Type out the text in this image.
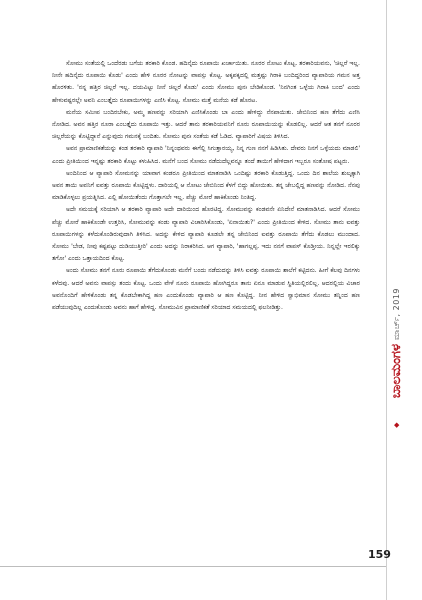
ಸೋಮು ಸಂತೆಯಲ್ಲಿ ಒಂದೆರಡು ಬಗೆಯ ತರಕಾರಿ ಕೊಂಡ. ಹದಿನೈದು ರೂಪಾಯಿ ಖರ್ಚಾಯಿತು. ನೂರರ ನೋಟು ಕೊಟ್ಟ. ತರಕಾರಿಯವನು, 'ಚಿಲ್ಲರೆ ಇಲ್ಲ. ನೀನೇ ಹದಿನೈದು ರೂಪಾಯಿ ಕೊಡು' ಎಂದು ಹೇಳಿ ನೂರರ ನೋಟನ್ನು ವಾಪಸ್ಸು ಕೊಟ್ಟ. ಅಕ್ಕಪಕ್ಕದಲ್ಲಿ ಮತ್ತಷ್ಟು ಗಿರಾಕಿ ಬಂದಿದ್ದರಿಂದ ವ್ಯಾಪಾರಿಯ ಗಮನ ಅತ್ತ ಹೊರಳಿತು. 'ನನ್ನ ಹತ್ತಿರ ಚಿಲ್ಲರೆ ಇಲ್ಲ. ದಯವಿಟ್ಟು ನೀನೆ ಚಿಲ್ಲರೆ ಕೊಡು' ಎಂದು ಸೋಮು ಪುನಃ ಬೇಡಿಕೊಂಡ. 'ನಿನಗಿಂತ ಒಳ್ಳೆಯ ಗಿರಾಕಿ ಬಂದ' ಎಂದು ಹೇಳುವಷ್ಟರಲ್ಲೇ ಅವನಿ ಎಂಬತ್ತೈದು ರೂಪಾಯಿಗಳನ್ನು ಎಣಿಸಿ ಕೊಟ್ಟ. ಸೋಮು ಮತ್ತೆ ಮನೆಯ ಕಡೆ ಹೊರಟ.

ಮನೆಯ ಸಮೀಪ ಬಂದಿರಬೇಕು, ಅಮ್ಮ ಹಣವನ್ನು ಸರಿಯಾಗಿ ಎಣಿಸಿಕೊಂಡು ಬಾ ಎಂದು ಹೇಳಿದ್ದು ನೆನಪಾಯಿತು. ಜೇಬಿನಿಂದ ಹಣ ತೆಗೆದು ಎಣಿಸಿ ನೋಡಿದ. ಅವನ ಹತ್ತಿರ ನೂರಾ ಎಂಬತ್ತೈದು ರೂಪಾಯಿ ಇತ್ತು. ಆದರೆ ತಾನು ತರಕಾರಿಯವನಿಗೆ ನೂರು ರೂಪಾಯಿಯನ್ನು ಕೊಡಲಿಲ್ಲ. ಆದರೆ ಆತ ತನಗೆ ನೂರರ ಚಿಲ್ಲರೆಯನ್ನು ಕೊಟ್ಟಿದ್ದಾನೆ ಎನ್ನುವುದು ಗಮನಕ್ಕೆ ಬಂದಿತು. ಸೋಮು ಪುನಃ ಸಂತೆಯ ಕಡೆ ಓಡಿದ. ವ್ಯಾಪಾರಿಗೆ ವಿಷಯ ತಿಳಿಸಿದ.

ಅವನ ಪ್ರಾಮಾಣಿಕತೆಯನ್ನು ಕಂಡ ತರಕಾರಿ ವ್ಯಾಪಾರಿ 'ನಿನ್ನಂಥವರು ಈಗೆಲ್ಲಿ ಸಿಗುತ್ತಾರಯ್ಯ, ನಿನ್ನ ಗುಣ ನನಗೆ ಹಿಡಿಸಿತು. ದೇವರು ನಿನಗೆ ಒಳ್ಳೆಯದು ಮಾಡಲಿ' ಎಂದು ಪ್ರೀತಿಯಿಂದ ಇನ್ನಷ್ಟು ತರಕಾರಿ ಕೊಟ್ಟು ಕಳುಹಿಸಿದ. ಮನೆಗೆ ಬಂದ ಸೋಮು ನಡೆದುದೆಲ್ಲವನ್ನೂ ತಂದೆ ತಾಯಿಗೆ ಹೇಳಿದಾಗ ಇಬ್ಬರೂ ಸಂತೋಷ ಪಟ್ಟರು.

ಅಂದಿನಿಂದ ಆ ವ್ಯಾಪಾರಿ ಸೋಮನನ್ನು ಯಾವಾಗ ಕಂಡರೂ ಪ್ರೀತಿಯಿಂದ ಮಾತನಾಡಿಸಿ ಒಂದಿಷ್ಟು ತರಕಾರಿ ಕೊಡುತ್ತಿದ್ದ. ಒಂದು ದಿನ ಶಾಲೆಯ ಶುಲ್ಕಕ್ಕಾಗಿ ಅವನ ತಾಯಿ ಅವನಿಗೆ ಐವತ್ತು ರೂಪಾಯಿ ಕೊಟ್ಟಿದ್ದಳು. ದಾರಿಯಲ್ಲಿ ಆ ನೋಟು ಜೇಬಿನಿಂದ ಕೆಳಗೆ ಬಿದ್ದು ಹೋಯಿತು. ತನ್ನ ಜೇಬಲ್ಲಿದ್ದ ಹಣವನ್ನು ನೋಡಿದ. ನೆನಪು ಮಾಡಿಕೊಳ್ಳಲು ಪ್ರಯತ್ನಿಸಿದ. ಎಲ್ಲಿ ಹೋಯಿತೆಂದು ಗೊತ್ತಾಗಲೇ ಇಲ್ಲ. ಪೆಚ್ಚು ಮೋರೆ ಹಾಕಿಕೊಂಡು ನಿಂತಿದ್ದ.

ಅದೇ ಸಮಯಕ್ಕೆ ಸರಿಯಾಗಿ ಆ ತರಕಾರಿ ವ್ಯಾಪಾರಿ ಅದೇ ದಾರಿಯಿಂದ ಹೊರಟಿದ್ದ. ಸೋಮುವನ್ನು ಕಂಡವನೇ ಏನಿದೇನೆ ಮಾತನಾಡಿಸಿದ. ಆದರೆ ಸೋಮು ಪೆಚ್ಚು ಮೋರೆ ಹಾಕಿಕೊಂಡೇ ಉತ್ತರಿಸಿ, ಸೋಮುವನ್ನು ಕಂಡು ವ್ಯಾಪಾರಿ ವಿಚಾರಿಸಿಕೊಂಡು, 'ಏನಾಯಿತು?' ಎಂದು ಪ್ರೀತಿಯಿಂದ ಕೇಳಿದ. ಸೋಮು ತಾನು ಐವತ್ತು ರೂಪಾಯಿಗಳನ್ನು ಕಳೆದುಕೊಂಡಿರುವುದಾಗಿ ತಿಳಿಸಿದ. ಅದನ್ನು ಕೇಳಿದ ವ್ಯಾಪಾರಿ ಕೂಡಲೇ ತನ್ನ ಜೇಬಿನಿಂದ ಐವತ್ತು ರೂಪಾಯಿ ತೆಗೆದು ಕೊಡಲು ಮುಂದಾದ. ಸೋಮು 'ಬೇಡ, ನೀವು ಕಷ್ಟಪಟ್ಟು ದುಡಿಯುತ್ತೀರಿ' ಎಂದು ಅದನ್ನು ನಿರಾಕರಿಸಿದ. ಆಗ ವ್ಯಾಪಾರಿ, 'ಹಾಗಲ್ಲಪ್ಪ. ಇದು ನನಗೆ ವಾಪಸ್ ಕೊಡ್ತೀಯ. ನಿನ್ನಲ್ಲೇ ಇರಲಿಕ್ಕು ತಗೋ' ಎಂದು ಒತ್ತಾಯದಿಂದ ಕೊಟ್ಟ.

ಅಂದು ಸೋಮು ತನಗೆ ನೂರು ರೂಪಾಯಿ ತೆಗೆದುಕೊಂಡು ಮನೆಗೆ ಬಂದು ನಡೆದುದನ್ನು ತಿಳಿಸಿ ಐವತ್ತು ರೂಪಾಯಿ ಶಾಲೆಗೆ ಕಟ್ಟಿದನು. ಹೀಗೆ ಕೆಲವು ದಿನಗಳು ಕಳೆದವು. ಆದರೆ ಅವನು ವಾಪಸ್ಸು ತಂದು ಕೊಟ್ಟ. ಒಂದು ವೇಳೆ ನೂರು ರೂಪಾಯಿ ಹೋಗಿದ್ದರೂ ತಾನು ಏನೂ ಮಾಡುವ ಸ್ಥಿತಿಯಲ್ಲಿರಲಿಲ್ಲ. ಆದರಲ್ಲಿಯ ವಿಚಾರ ಅವನೊಂದಿಗೆ ಹೇಳಿಕೊಂಡು ತನ್ನ ಕೊಡಬೇಕಾಗಿದ್ದ ಹಣ ಎಂದುಕೊಂಡು ವ್ಯಾಪಾರಿ ಆ ಹಣ ಕೊಟ್ಟಿದ್ದ. ನೀನ ಹೇಳಿದ ಸ್ವಾಭಿಮಾನ ಸೋಮು ತನ್ನಿಂದ ಹಣ ಪಡೆಯುವುದಿಲ್ಲ ಎಂದುಕೊಂಡು ಅವನು ಹಾಗೆ ಹೇಳಿದ್ದ. ಸೋಮುವಿನ ಪ್ರಾಮಾಣಿಕತೆ ಸರಿಯಾದ ಸಮಯದಲ್ಲಿ ಫಲನೀಡಿತ್ತು.	ಮಾರ್ಚ್, 2019
ಬಾಲಮಂಗಳ
◆
159
